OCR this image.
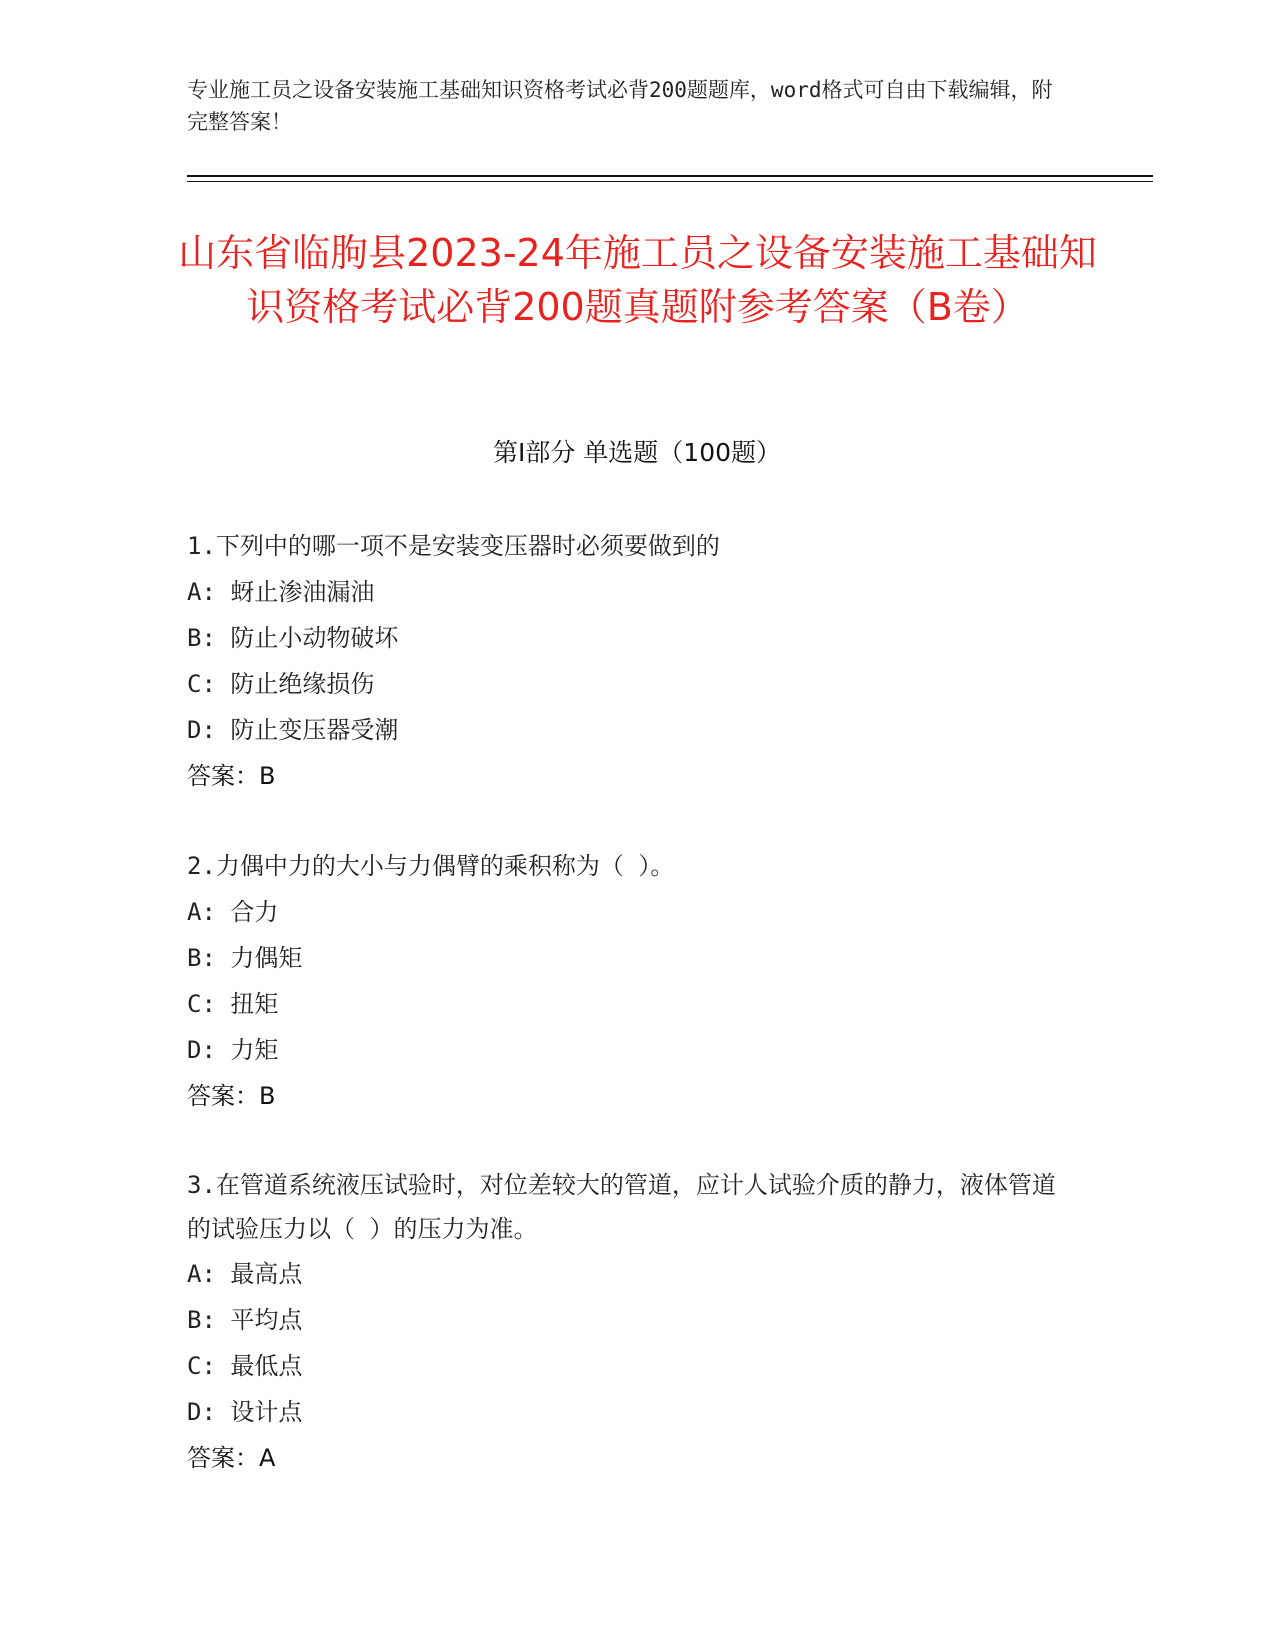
专业施工员之设备安装施工基础知识资格考试必背200题题库，word格式可自由下载编辑，附完整答案！
山东省临朐县2023-24年施工员之设备安装施工基础知识资格考试必背200题真题附参考答案（B卷）
第I部分 单选题（100题）
1.下列中的哪一项不是安装变压器时必须要做到的
A: 蚜止渗油漏油
B: 防止小动物破坏
C: 防止绝缘损伤
D: 防止变压器受潮
答案：B
2.力偶中力的大小与力偶臂的乘积称为（ ）。
A: 合力
B: 力偶矩
C: 扭矩
D: 力矩
答案：B
3.在管道系统液压试验时，对位差较大的管道，应计人试验介质的静力，液体管道的试验压力以（ ）的压力为准。
A: 最高点
B: 平均点
C: 最低点
D: 设计点
答案：A
